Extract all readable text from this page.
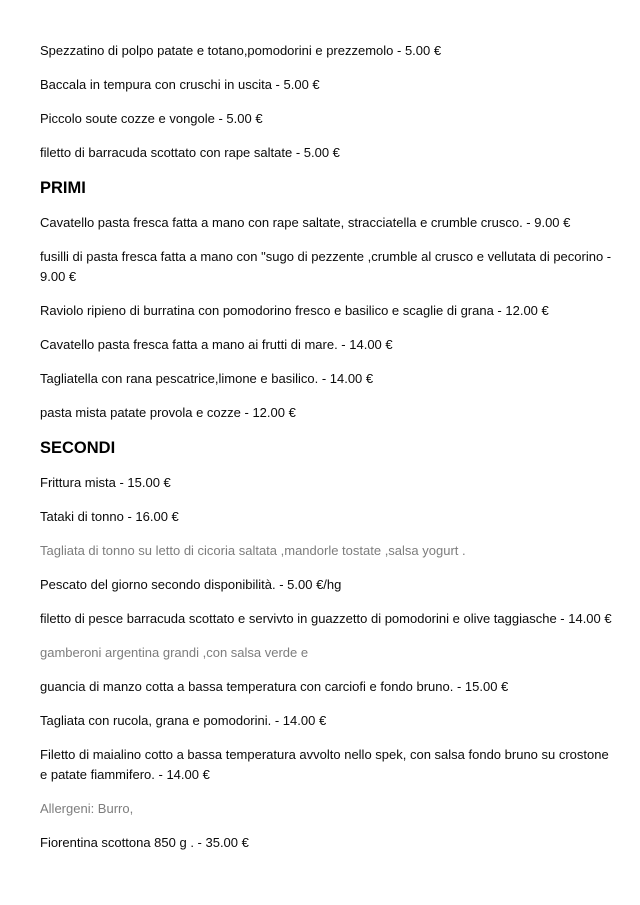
Spezzatino di polpo patate e totano,pomodorini e prezzemolo - 5.00 €

Baccala in tempura con cruschi in uscita - 5.00 €

Piccolo soute cozze e vongole - 5.00 €

filetto di barracuda scottato con rape saltate - 5.00 €

PRIMI

Cavatello pasta fresca fatta a mano con rape saltate, stracciatella e crumble crusco. - 9.00 €

fusilli di pasta fresca fatta a mano con "sugo di pezzente ,crumble al crusco e vellutata di pecorino - 9.00 €

Raviolo ripieno di burratina con pomodorino fresco e basilico e scaglie di grana - 12.00 €

Cavatello pasta fresca fatta a mano ai frutti di mare. - 14.00 €

Tagliatella con rana pescatrice,limone e basilico. - 14.00 €

pasta mista patate provola e cozze - 12.00 €

SECONDI

Frittura mista - 15.00 €

Tataki di tonno - 16.00 €

Tagliata di tonno su letto di cicoria saltata ,mandorle tostate ,salsa yogurt .

Pescato del giorno secondo disponibilità. - 5.00 €/hg

filetto di pesce barracuda scottato e servivto in guazzetto di pomodorini e olive taggiasche - 14.00 €

gamberoni argentina grandi ,con salsa verde e

guancia di manzo cotta a bassa temperatura con carciofi e fondo bruno. - 15.00 €

Tagliata con rucola, grana e pomodorini. - 14.00 €

Filetto di maialino cotto a bassa temperatura avvolto nello spek, con salsa fondo bruno su crostone e patate fiammifero. - 14.00 €

Allergeni: Burro,

Fiorentina scottona 850 g . - 35.00 €
